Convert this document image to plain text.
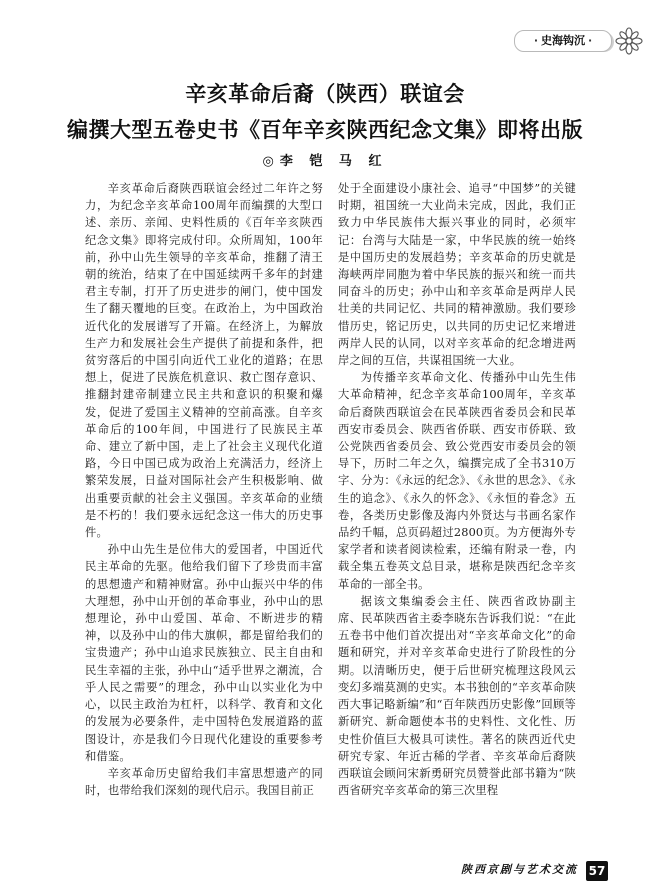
· 史海钩沉 ·
辛亥革命后裔（陕西）联谊会
编撰大型五卷史书《百年辛亥陕西纪念文集》即将出版
◎李 铠 马 红

辛亥革命后裔陕西联谊会经过二年许之努力，为纪念辛亥革命100周年而编撰的大型口述、亲历、亲闻、史料性质的《百年辛亥陕西纪念文集》即将完成付印。众所周知，100年前，孙中山先生领导的辛亥革命，推翻了清王朝的统治，结束了在中国延续两千多年的封建君主专制，打开了历史进步的闸门，使中国发生了翻天覆地的巨变。在政治上，为中国政治近代化的发展谱写了开篇。在经济上，为解放生产力和发展社会生产提供了前提和条件，把贫穷落后的中国引向近代工业化的道路；在思想上，促进了民族危机意识、救亡图存意识、推翻封建帝制建立民主共和意识的积聚和爆发，促进了爱国主义精神的空前高涨。自辛亥革命后的100年间，中国进行了民族民主革命、建立了新中国，走上了社会主义现代化道路，今日中国已成为政治上充满活力，经济上繁荣发展，日益对国际社会产生积极影响、做出重要贡献的社会主义强国。辛亥革命的业绩是不朽的！我们要永远纪念这一伟大的历史事件。

孙中山先生是位伟大的爱国者，中国近代民主革命的先驱。他给我们留下了珍贵而丰富的思想遗产和精神财富。孙中山振兴中华的伟大理想，孙中山开创的革命事业，孙中山的思想理论，孙中山爱国、革命、不断进步的精神，以及孙中山的伟大旗帜，都是留给我们的宝贵遗产；孙中山追求民族独立、民主自由和民生幸福的主张，孙中山“适乎世界之潮流，合乎人民之需要”的理念，孙中山以实业化为中心，以民主政治为杠杆，以科学、教育和文化的发展为必要条件，走中国特色发展道路的蓝图设计，亦是我们今日现代化建设的重要参考和借鉴。

辛亥革命历史留给我们丰富思想遗产的同时，也带给我们深刻的现代启示。我国目前正

处于全面建设小康社会、追寻“中国梦”的关键时期，祖国统一大业尚未完成，因此，我们正致力中华民族伟大振兴事业的同时，必须牢记：台湾与大陆是一家，中华民族的统一始终是中国历史的发展趋势；辛亥革命的历史就是海峡两岸同胞为着中华民族的振兴和统一而共同奋斗的历史；孙中山和辛亥革命是两岸人民壮美的共同记忆、共同的精神激励。我们要珍惜历史，铭记历史，以共同的历史记忆来增进两岸人民的认同，以对辛亥革命的纪念增进两岸之间的互信，共谋祖国统一大业。

为传播辛亥革命文化、传播孙中山先生伟大革命精神，纪念辛亥革命100周年，辛亥革命后裔陕西联谊会在民革陕西省委员会和民革西安市委员会、陕西省侨联、西安市侨联、致公党陕西省委员会、致公党西安市委员会的领导下，历时二年之久，编撰完成了全书310万字、分为：《永远的纪念》、《永世的思念》、《永生的追念》、《永久的怀念》、《永恒的眷念》五卷，各类历史影像及海内外贤达与书画名家作品约千幅，总页码超过2800页。为方便海外专家学者和读者阅读检索，还编有附录一卷，内载全集五卷英文总目录，堪称是陕西纪念辛亥革命的一部全书。

据该文集编委会主任、陕西省政协副主席、民革陕西省主委李晓东告诉我们说：“在此五卷书中他们首次提出对“辛亥革命文化”的命题和研究，并对辛亥革命史进行了阶段性的分期。以清晰历史，便于后世研究梳理这段风云变幻多端莫测的史实。本书独创的“辛亥革命陕西大事记略新编”和“百年陕西历史影像”回顾等新研究、新命题使本书的史料性、文化性、历史性价值巨大极具可读性。著名的陕西近代史研究专家、年近古稀的学者、辛亥革命后裔陕西联谊会顾问宋新勇研究员赞誉此部书籍为“陕西省研究辛亥革命的第三次里程

陕西京剧与艺术交流 57
